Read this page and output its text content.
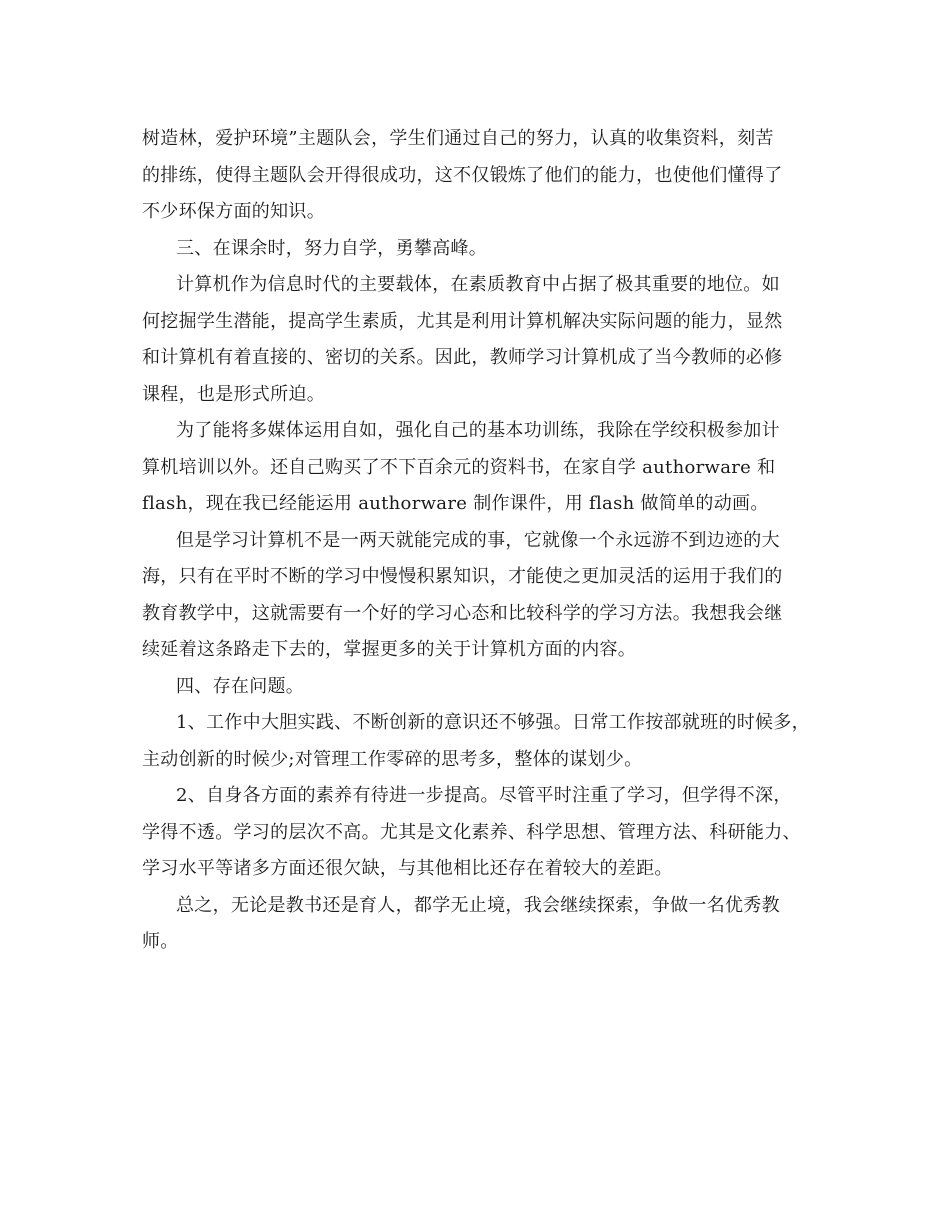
树造林，爱护环境”主题队会，学生们通过自己的努力，认真的收集资料，刻苦
的排练，使得主题队会开得很成功，这不仅锻炼了他们的能力，也使他们懂得了
不少环保方面的知识。
三、在课余时，努力自学，勇攀高峰。
计算机作为信息时代的主要载体，在素质教育中占据了极其重要的地位。如
何挖掘学生潜能，提高学生素质，尤其是利用计算机解决实际问题的能力，显然
和计算机有着直接的、密切的关系。因此，教师学习计算机成了当今教师的必修
课程，也是形式所迫。
为了能将多媒体运用自如，强化自己的基本功训练，我除在学绞积极参加计
算机培训以外。还自己购买了不下百余元的资料书，在家自学 authorware 和
flash，现在我已经能运用 authorware 制作课件，用 flash 做简单的动画。
但是学习计算机不是一两天就能完成的事，它就像一个永远游不到边迹的大
海，只有在平时不断的学习中慢慢积累知识，才能使之更加灵活的运用于我们的
教育教学中，这就需要有一个好的学习心态和比较科学的学习方法。我想我会继
续延着这条路走下去的，掌握更多的关于计算机方面的内容。
四、存在问题。
1、工作中大胆实践、不断创新的意识还不够强。日常工作按部就班的时候多，
主动创新的时候少;对管理工作零碎的思考多，整体的谋划少。
2、自身各方面的素养有待进一步提高。尽管平时注重了学习，但学得不深，
学得不透。学习的层次不高。尤其是文化素养、科学思想、管理方法、科研能力、
学习水平等诸多方面还很欠缺，与其他相比还存在着较大的差距。
总之，无论是教书还是育人，都学无止境，我会继续探索，争做一名优秀教
师。
